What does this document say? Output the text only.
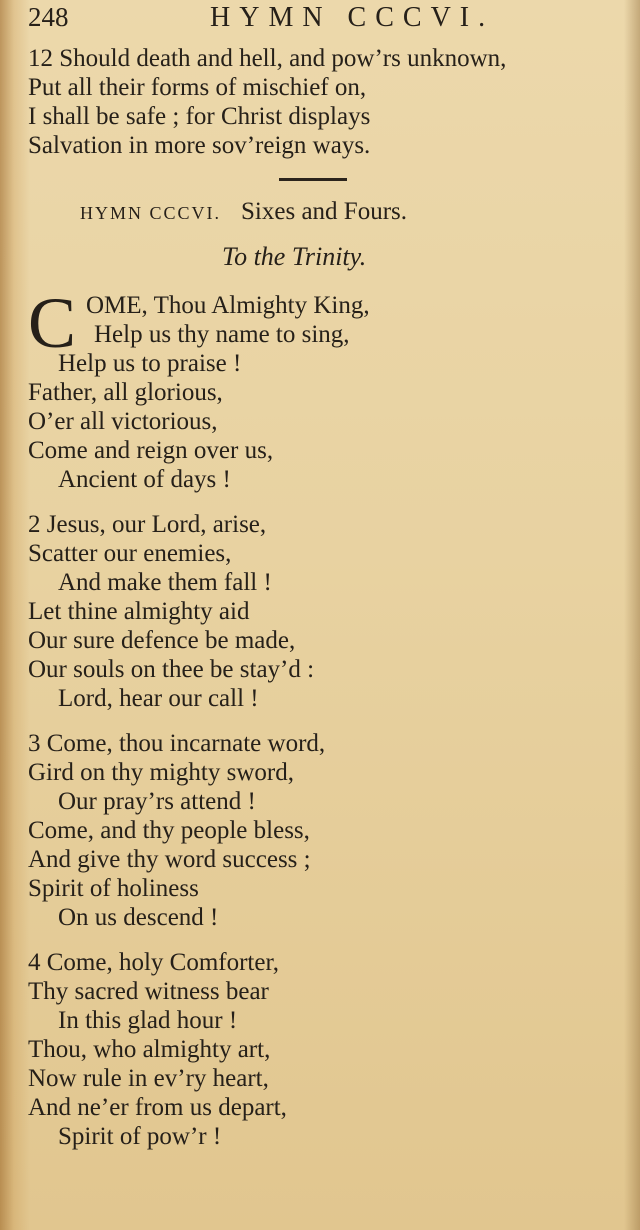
248	HYMN CCCVI.
12 Should death and hell, and pow’rs unknown,
Put all their forms of mischief on,
I shall be safe ; for Christ displays
Salvation in more sov’reign ways.
HYMN CCCVI. Sixes and Fours.
To the Trinity.
C OME, Thou Almighty King,
Help us thy name to sing,
Help us to praise !
Father, all glorious,
O’er all victorious,
Come and reign over us,
Ancient of days !
2 Jesus, our Lord, arise,
Scatter our enemies,
And make them fall !
Let thine almighty aid
Our sure defence be made,
Our souls on thee be stay’d :
Lord, hear our call !
3 Come, thou incarnate word,
Gird on thy mighty sword,
Our pray’rs attend !
Come, and thy people bless,
And give thy word success ;
Spirit of holiness
On us descend !
4 Come, holy Comforter,
Thy sacred witness bear
In this glad hour !
Thou, who almighty art,
Now rule in ev’ry heart,
And ne’er from us depart,
Spirit of pow’r !
